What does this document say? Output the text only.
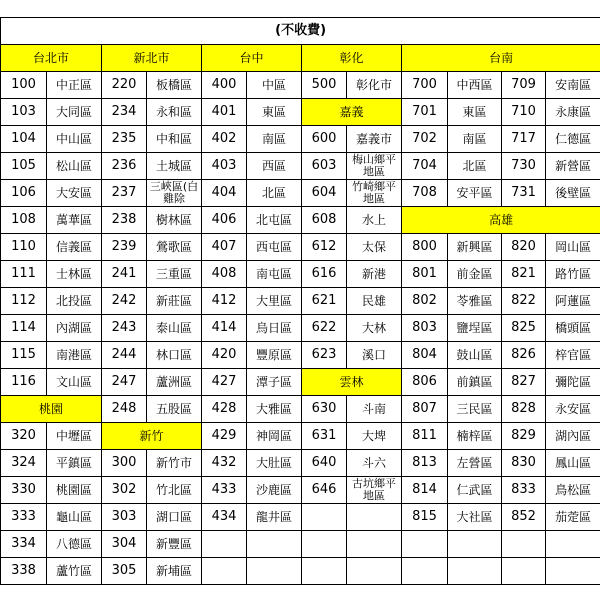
(不收費)											
台北市		新北市		台中		彰化		台南			
100	中正區	220	板橋區	400	中區	500	彰化市	700	中西區	709	安南區
103	大同區	234	永和區	401	東區	嘉義		701	東區	710	永康區
104	中山區	235	中和區	402	南區	600	嘉義市	702	南區	717	仁德區
105	松山區	236	土城區	403	西區	603	梅山鄉平地區	704	北區	730	新營區
106	大安區	237	三峽區(白雞除	404	北區	604	竹崎鄉平地區	708	安平區	731	後壁區
108	萬華區	238	樹林區	406	北屯區	608	水上	高雄			
110	信義區	239	鶯歌區	407	西屯區	612	太保	800	新興區	820	岡山區
111	士林區	241	三重區	408	南屯區	616	新港	801	前金區	821	路竹區
112	北投區	242	新莊區	412	大里區	621	民雄	802	苓雅區	822	阿蓮區
114	內湖區	243	泰山區	414	烏日區	622	大林	803	鹽埕區	825	橋頭區
115	南港區	244	林口區	420	豐原區	623	溪口	804	鼓山區	826	梓官區
116	文山區	247	蘆洲區	427	潭子區	雲林		806	前鎮區	827	彌陀區
桃園		248	五股區	428	大雅區	630	斗南	807	三民區	828	永安區
320	中壢區	新竹		429	神岡區	631	大埤	811	楠梓區	829	湖內區
324	平鎮區	300	新竹市	432	大肚區	640	斗六	813	左營區	830	鳳山區
330	桃園區	302	竹北區	433	沙鹿區	646	古坑鄉平地區	814	仁武區	833	鳥松區
333	龜山區	303	湖口區	434	龍井區			815	大社區	852	茄萣區
334	八德區	304	新豐區								
338	蘆竹區	305	新埔區								
